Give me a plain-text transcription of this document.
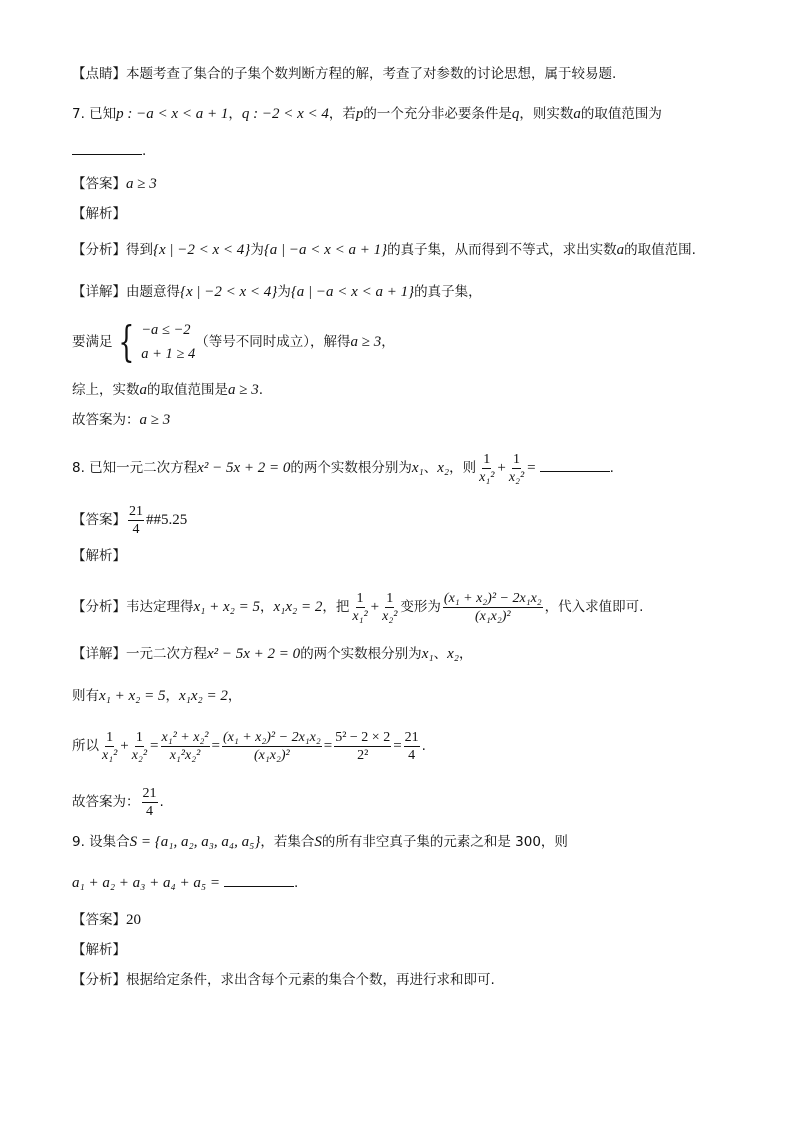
【点睛】本题考查了集合的子集个数判断方程的解，考查了对参数的讨论思想，属于较易题.
7. 已知p : −a < x < a + 1，q : −2 < x < 4，若p的一个充分非必要条件是q，则实数a的取值范围为
.
【答案】a ≥ 3
【解析】
【分析】得到{x | −2 < x < 4}为{a | −a < x < a + 1}的真子集，从而得到不等式，求出实数a的取值范围.
【详解】由题意得{x | −2 < x < 4}为{a | −a < x < a + 1}的真子集，
要满足 { −a ≤ −2
a + 1 ≥ 4
（等号不同时成立），解得a ≥ 3，
综上，实数a的取值范围是a ≥ 3.
故答案为：a ≥ 3
8. 已知一元二次方程x² − 5x + 2 = 0的两个实数根分别为x₁、x₂，则 $\frac{1}{\text{x₁²}} + \frac{1}{\text{x₂²}}$ =	.
【答案】 $\frac{21}{4}$ ##5.25
【解析】
【分析】韦达定理得x₁ + x₂ = 5，x₁x₂ = 2，把 $\frac{1}{\text{x₁²}} + \frac{1}{\text{x₂²}}$ 变形为 $\frac{\text{(x₁ + x₂)² − 2x₁x₂}}{\text{(x₁x₂)²}}$ ，代入求值即可.
【详解】一元二次方程x² − 5x + 2 = 0的两个实数根分别为x₁、x₂，
则有x₁ + x₂ = 5，x₁x₂ = 2，
所以 $\frac{1}{\text{x₁²}} + \frac{1}{\text{x₂²}} = \frac{\text{x₁² + x₂²}}{\text{x₁²x₂²}} = \frac{\text{(x₁ + x₂)² − 2x₁x₂}}{\text{(x₁x₂)²}} = \frac{\text{5² − 2 × 2}}{\text{2²}} = \frac{21}{4}$ .
故答案为： $\frac{21}{4}$ .
9. 设集合S = {a₁, a₂, a₃, a₄, a₅}，若集合S的所有非空真子集的元素之和是 300，则
a₁ + a₂ + a₃ + a₄ + a₅ =	.
【答案】20
【解析】
【分析】根据给定条件，求出含每个元素的集合个数，再进行求和即可.
